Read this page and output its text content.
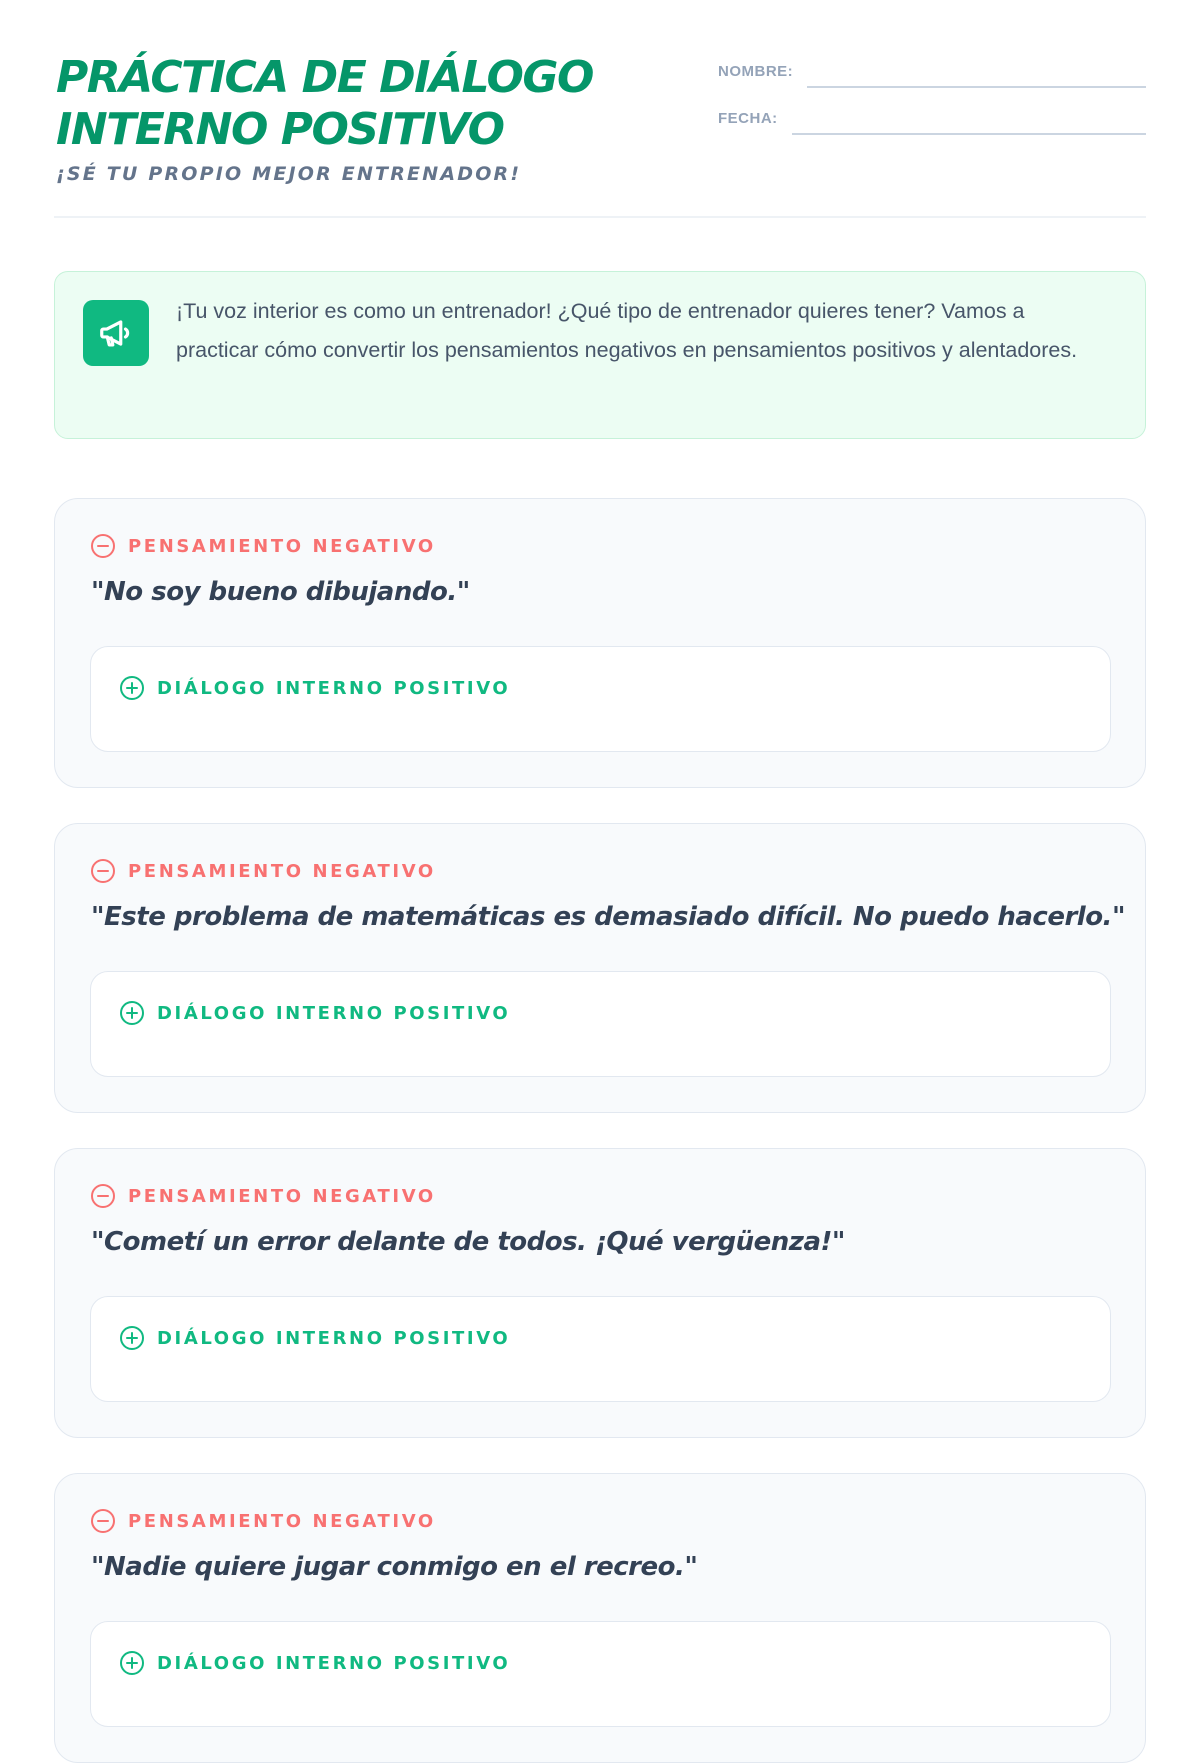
PRÁCTICA DE DIÁLOGO
INTERNO POSITIVO
¡SÉ TU PROPIO MEJOR ENTRENADOR!
NOMBRE:
FECHA:
¡Tu voz interior es como un entrenador! ¿Qué tipo de entrenador quieres tener? Vamos a practicar cómo convertir los pensamientos negativos en pensamientos positivos y alentadores.
PENSAMIENTO NEGATIVO
"No soy bueno dibujando."
DIÁLOGO INTERNO POSITIVO
PENSAMIENTO NEGATIVO
"Este problema de matemáticas es demasiado difícil. No puedo hacerlo."
DIÁLOGO INTERNO POSITIVO
PENSAMIENTO NEGATIVO
"Cometí un error delante de todos. ¡Qué vergüenza!"
DIÁLOGO INTERNO POSITIVO
PENSAMIENTO NEGATIVO
"Nadie quiere jugar conmigo en el recreo."
DIÁLOGO INTERNO POSITIVO
